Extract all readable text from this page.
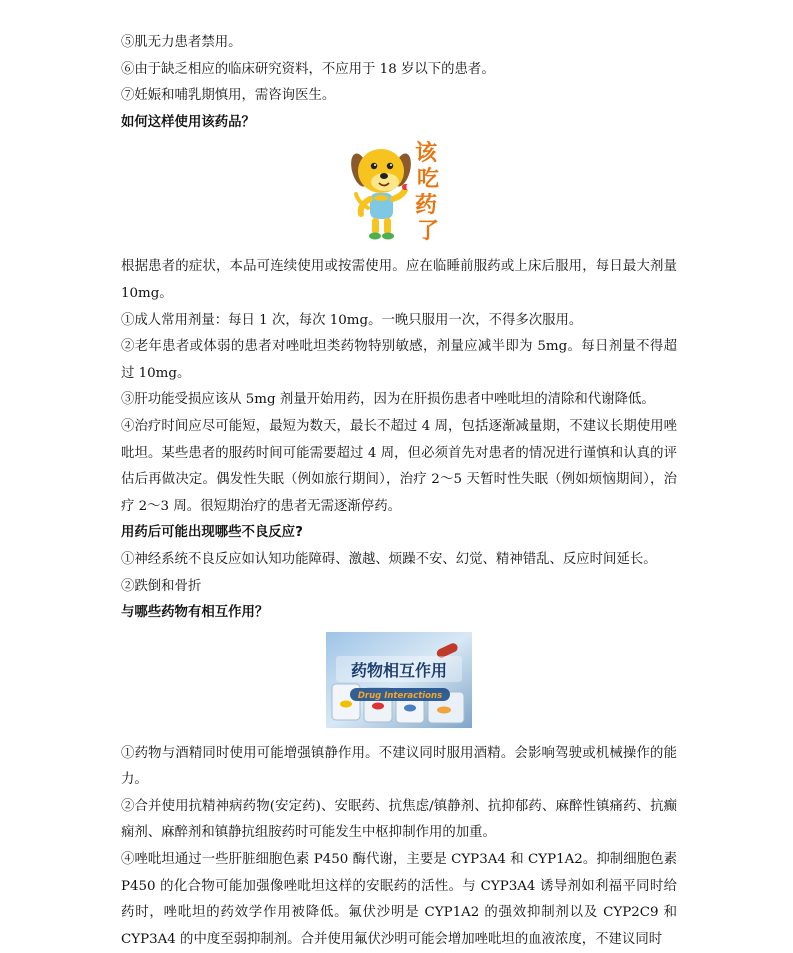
⑤肌无力患者禁用。

⑥由于缺乏相应的临床研究资料，不应用于 18 岁以下的患者。

⑦妊娠和哺乳期慎用，需咨询医生。

如何这样使用该药品？
该
吃
药
了

根据患者的症状，本品可连续使用或按需使用。应在临睡前服药或上床后服用，每日最大剂量 10mg。

①成人常用剂量：每日 1 次，每次 10mg。一晚只服用一次，不得多次服用。

②老年患者或体弱的患者对唑吡坦类药物特别敏感，剂量应减半即为 5mg。每日剂量不得超过 10mg。

③肝功能受损应该从 5mg 剂量开始用药，因为在肝损伤患者中唑吡坦的清除和代谢降低。

④治疗时间应尽可能短，最短为数天，最长不超过 4 周，包括逐渐减量期，不建议长期使用唑吡坦。某些患者的服药时间可能需要超过 4 周，但必须首先对患者的情况进行谨慎和认真的评估后再做决定。偶发性失眠（例如旅行期间），治疗 2～5 天暂时性失眠（例如烦恼期间），治疗 2～3 周。很短期治疗的患者无需逐渐停药。

用药后可能出现哪些不良反应?

①神经系统不良反应如认知功能障碍、激越、烦躁不安、幻觉、精神错乱、反应时间延长。

②跌倒和骨折

与哪些药物有相互作用？
药物相互作用
Drug Interactions

①药物与酒精同时使用可能增强镇静作用。不建议同时服用酒精。会影响驾驶或机械操作的能力。

②合并使用抗精神病药物(安定药)、安眠药、抗焦虑/镇静剂、抗抑郁药、麻醉性镇痛药、抗癫痫剂、麻醉剂和镇静抗组胺药时可能发生中枢抑制作用的加重。

④唑吡坦通过一些肝脏细胞色素 P450 酶代谢，主要是 CYP3A4 和 CYP1A2。抑制细胞色素 P450 的化合物可能加强像唑吡坦这样的安眠药的活性。与 CYP3A4 诱导剂如利福平同时给药时，唑吡坦的药效学作用被降低。氟伏沙明是 CYP1A2 的强效抑制剂以及 CYP2C9 和 CYP3A4 的中度至弱抑制剂。合并使用氟伏沙明可能会增加唑吡坦的血液浓度，不建议同时
